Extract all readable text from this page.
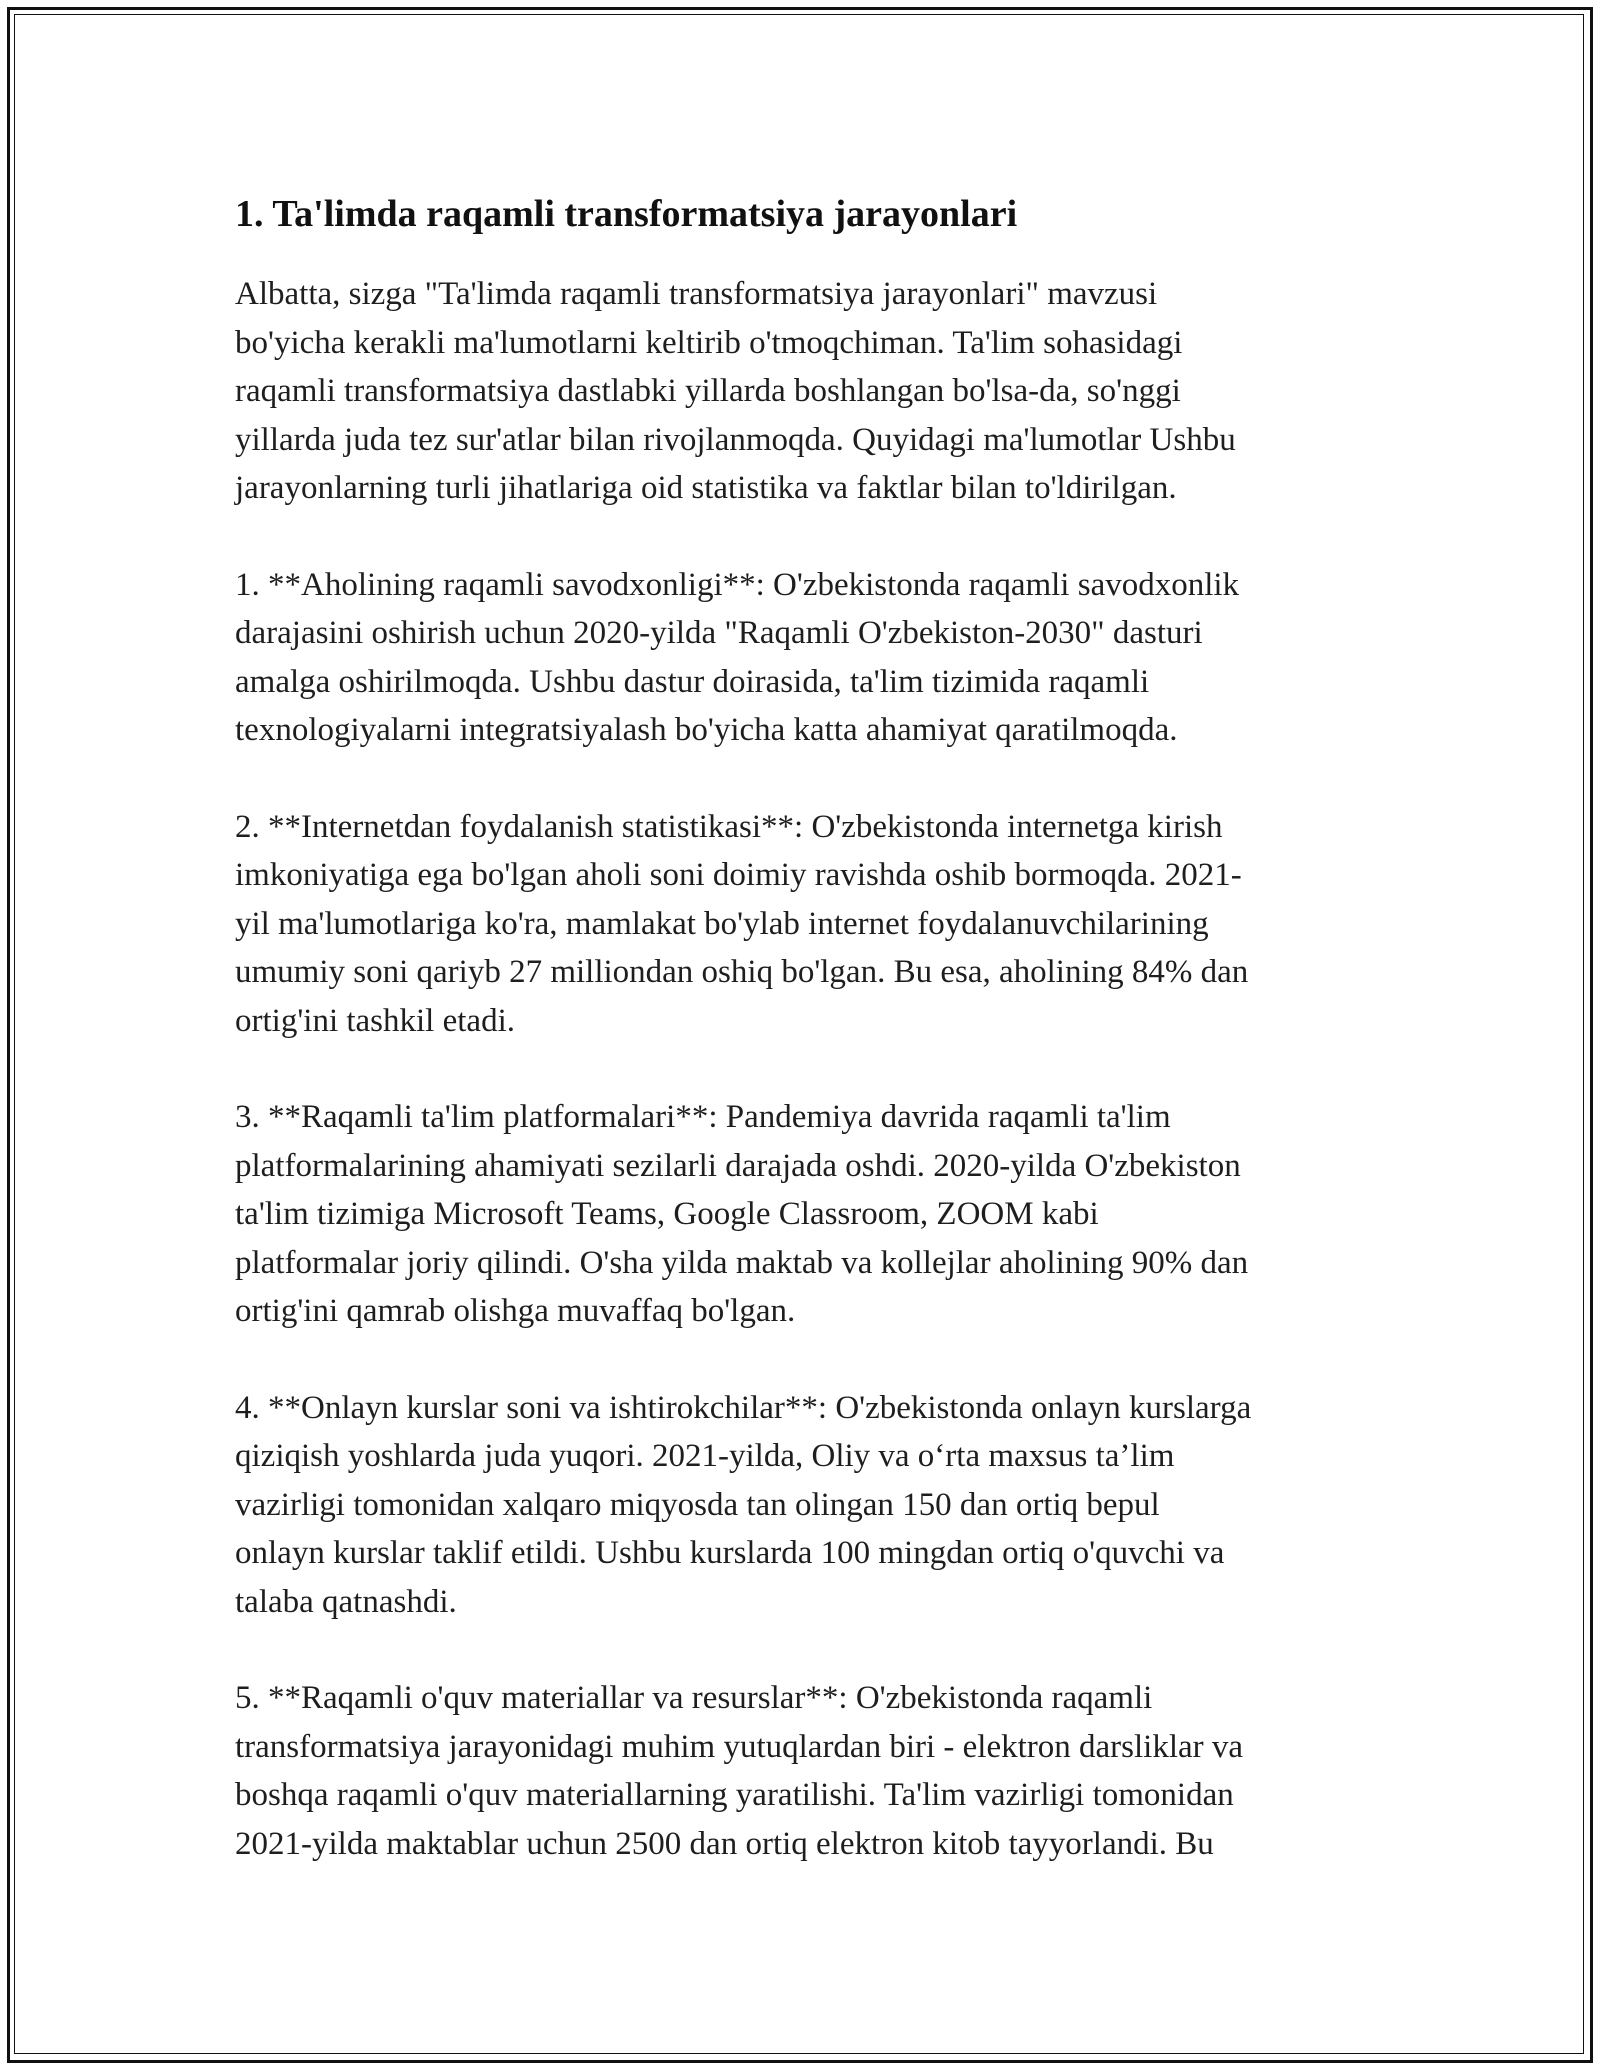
1. Ta'limda raqamli transformatsiya jarayonlari

Albatta, sizga "Ta'limda raqamli transformatsiya jarayonlari" mavzusi
bo'yicha kerakli ma'lumotlarni keltirib o'tmoqchiman. Ta'lim sohasidagi
raqamli transformatsiya dastlabki yillarda boshlangan bo'lsa-da, so'nggi
yillarda juda tez sur'atlar bilan rivojlanmoqda. Quyidagi ma'lumotlar Ushbu
jarayonlarning turli jihatlariga oid statistika va faktlar bilan to'ldirilgan.

1. **Aholining raqamli savodxonligi**: O'zbekistonda raqamli savodxonlik
darajasini oshirish uchun 2020-yilda "Raqamli O'zbekiston-2030" dasturi
amalga oshirilmoqda. Ushbu dastur doirasida, ta'lim tizimida raqamli
texnologiyalarni integratsiyalash bo'yicha katta ahamiyat qaratilmoqda.

2. **Internetdan foydalanish statistikasi**: O'zbekistonda internetga kirish
imkoniyatiga ega bo'lgan aholi soni doimiy ravishda oshib bormoqda. 2021-
yil ma'lumotlariga ko'ra, mamlakat bo'ylab internet foydalanuvchilarining
umumiy soni qariyb 27 milliondan oshiq bo'lgan. Bu esa, aholining 84% dan
ortig'ini tashkil etadi.

3. **Raqamli ta'lim platformalari**: Pandemiya davrida raqamli ta'lim
platformalarining ahamiyati sezilarli darajada oshdi. 2020-yilda O'zbekiston
ta'lim tizimiga Microsoft Teams, Google Classroom, ZOOM kabi
platformalar joriy qilindi. O'sha yilda maktab va kollejlar aholining 90% dan
ortig'ini qamrab olishga muvaffaq bo'lgan.

4. **Onlayn kurslar soni va ishtirokchilar**: O'zbekistonda onlayn kurslarga
qiziqish yoshlarda juda yuqori. 2021-yilda, Oliy va o‘rta maxsus ta’lim
vazirligi tomonidan xalqaro miqyosda tan olingan 150 dan ortiq bepul
onlayn kurslar taklif etildi. Ushbu kurslarda 100 mingdan ortiq o'quvchi va
talaba qatnashdi.

5. **Raqamli o'quv materiallar va resurslar**: O'zbekistonda raqamli
transformatsiya jarayonidagi muhim yutuqlardan biri - elektron darsliklar va
boshqa raqamli o'quv materiallarning yaratilishi. Ta'lim vazirligi tomonidan
2021-yilda maktablar uchun 2500 dan ortiq elektron kitob tayyorlandi. Bu
